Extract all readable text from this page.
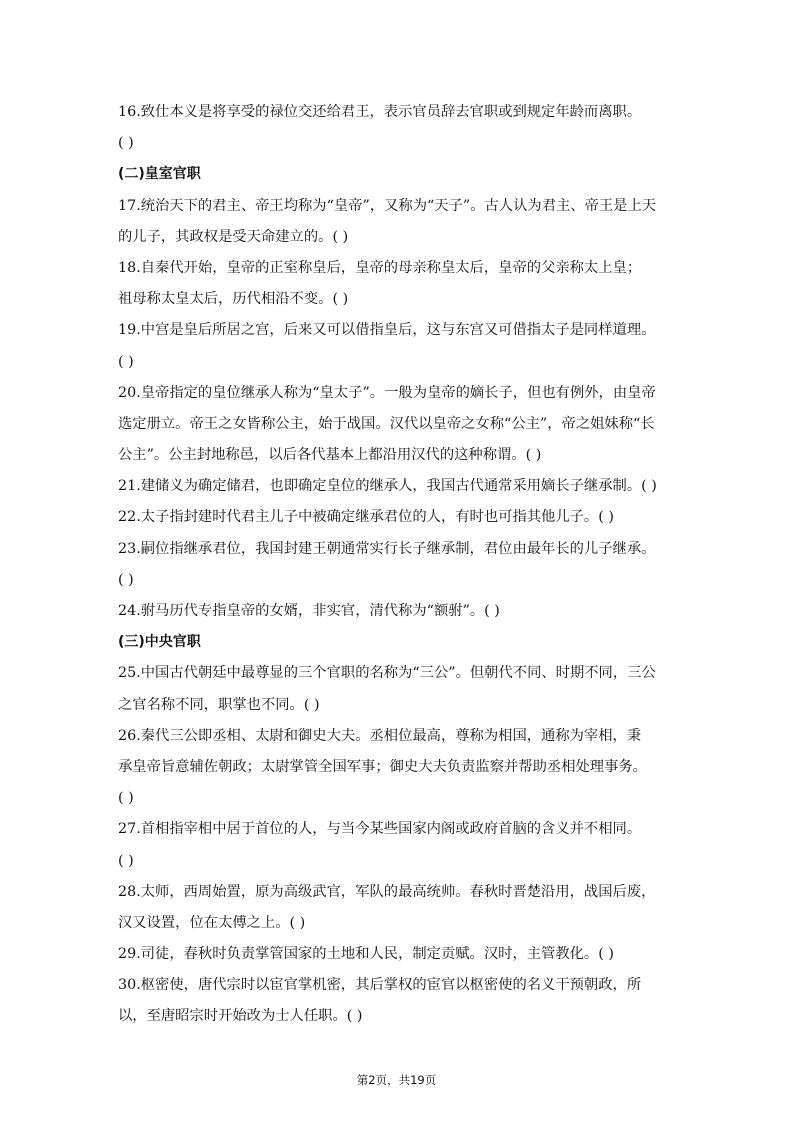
16.致仕本义是将享受的禄位交还给君王，表示官员辞去官职或到规定年龄而离职。
( )
(二)皇室官职
17.统治天下的君主、帝王均称为“皇帝”，又称为“天子”。古人认为君主、帝王是上天
的儿子，其政权是受天命建立的。( )
18.自秦代开始，皇帝的正室称皇后，皇帝的母亲称皇太后，皇帝的父亲称太上皇；
祖母称太皇太后，历代相沿不变。( )
19.中宫是皇后所居之宫，后来又可以借指皇后，这与东宫又可借指太子是同样道理。
( )
20.皇帝指定的皇位继承人称为“皇太子”。一般为皇帝的嫡长子，但也有例外，由皇帝
选定册立。帝王之女皆称公主，始于战国。汉代以皇帝之女称“公主”，帝之姐妹称“长
公主”。公主封地称邑，以后各代基本上都沿用汉代的这种称谓。( )
21.建储义为确定储君，也即确定皇位的继承人，我国古代通常采用嫡长子继承制。( )
22.太子指封建时代君主儿子中被确定继承君位的人，有时也可指其他儿子。( )
23.嗣位指继承君位，我国封建王朝通常实行长子继承制，君位由最年长的儿子继承。
( )
24.驸马历代专指皇帝的女婿，非实官，清代称为“额驸”。( )
(三)中央官职
25.中国古代朝廷中最尊显的三个官职的名称为“三公”。但朝代不同、时期不同，三公
之官名称不同，职掌也不同。( )
26.秦代三公即丞相、太尉和御史大夫。丞相位最高，尊称为相国，通称为宰相，秉
承皇帝旨意辅佐朝政；太尉掌管全国军事；御史大夫负责监察并帮助丞相处理事务。
( )
27.首相指宰相中居于首位的人，与当今某些国家内阁或政府首脑的含义并不相同。
( )
28.太师，西周始置，原为高级武官，军队的最高统帅。春秋时晋楚沿用，战国后废，
汉又设置，位在太傅之上。( )
29.司徒，春秋时负责掌管国家的土地和人民，制定贡赋。汉时，主管教化。( )
30.枢密使，唐代宗时以宦官掌机密，其后掌权的宦官以枢密使的名义干预朝政，所
以，至唐昭宗时开始改为士人任职。( )
第2页，共19页
